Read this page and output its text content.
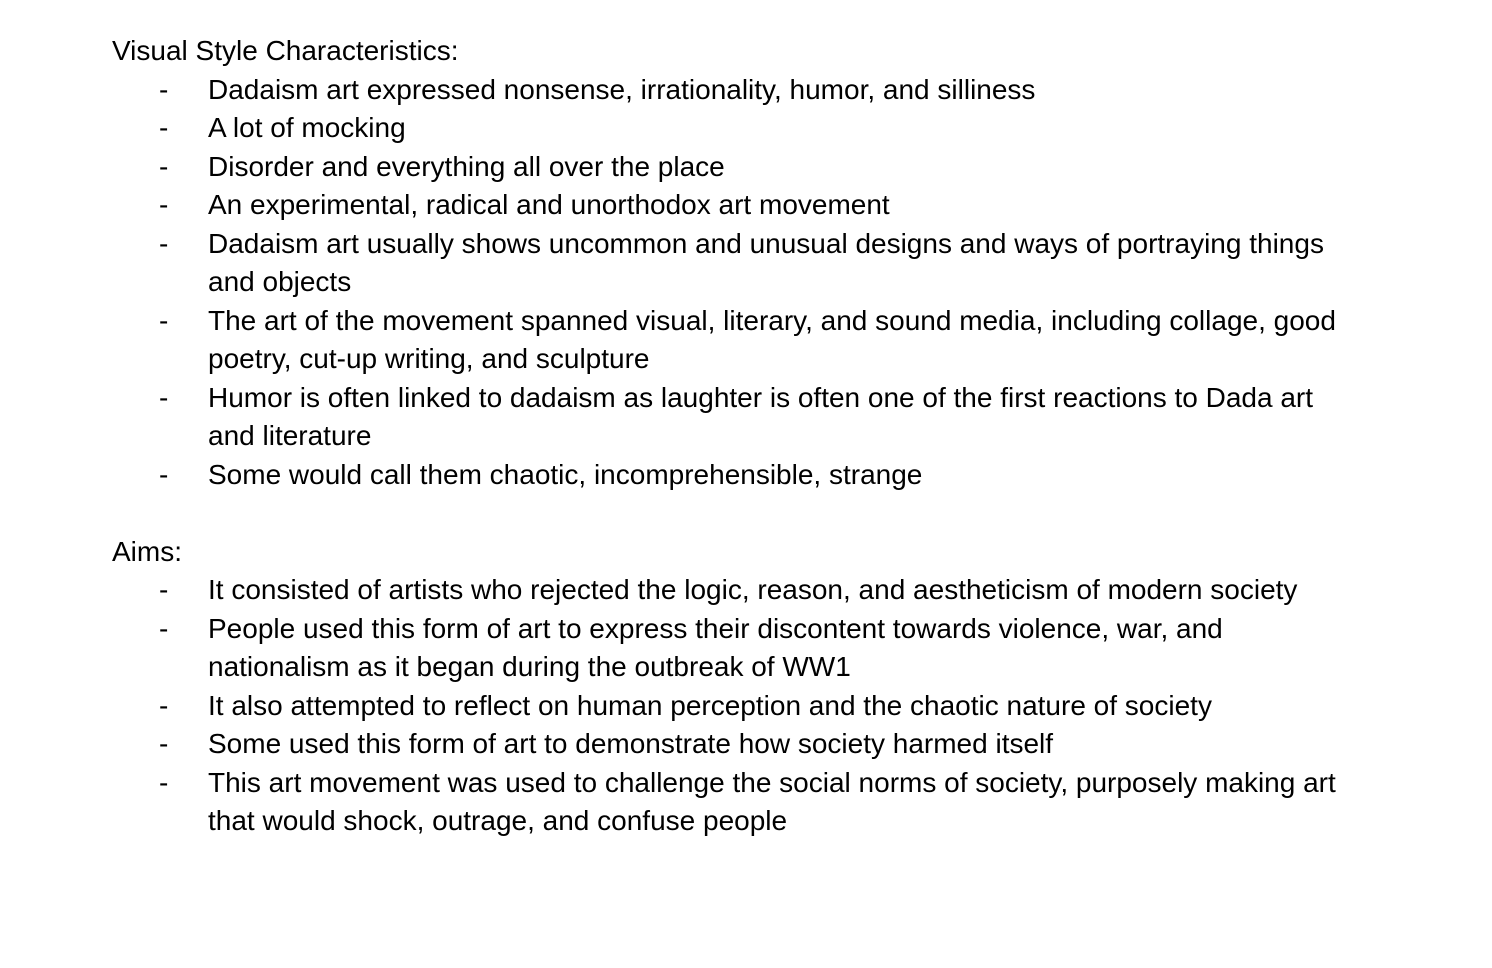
Visual Style Characteristics:

- Dadaism art expressed nonsense, irrationality, humor, and silliness
- A lot of mocking
- Disorder and everything all over the place
- An experimental, radical and unorthodox art movement
- Dadaism art usually shows uncommon and unusual designs and ways of portraying things and objects
- The art of the movement spanned visual, literary, and sound media, including collage, good poetry, cut-up writing, and sculpture
- Humor is often linked to dadaism as laughter is often one of the first reactions to Dada art and literature
- Some would call them chaotic, incomprehensible, strange

Aims:

- It consisted of artists who rejected the logic, reason, and aestheticism of modern society
- People used this form of art to express their discontent towards violence, war, and nationalism as it began during the outbreak of WW1
- It also attempted to reflect on human perception and the chaotic nature of society
- Some used this form of art to demonstrate how society harmed itself
- This art movement was used to challenge the social norms of society, purposely making art that would shock, outrage, and confuse people
